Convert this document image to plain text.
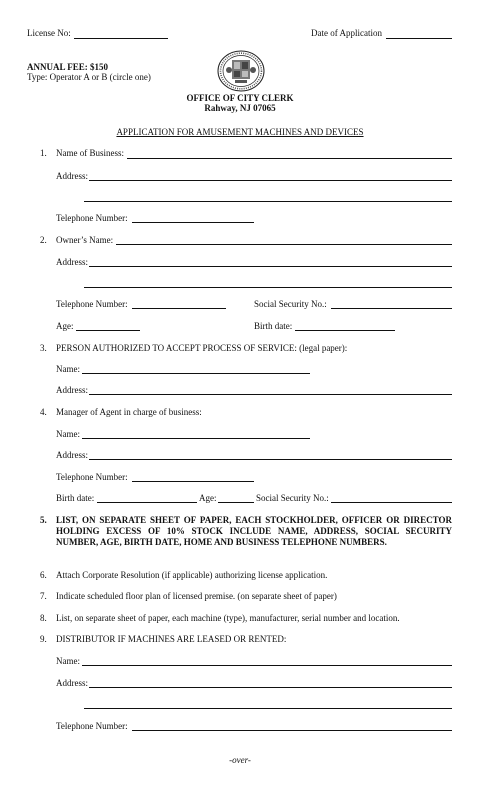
License No:	Date of Application
ANNUAL FEE: $150
Type: Operator A or B (circle one)
OFFICE OF CITY CLERK
Rahway, NJ 07065
APPLICATION FOR AMUSEMENT MACHINES AND DEVICES
1. Name of Business:
Address:
Telephone Number:
2. Owner’s Name:
Address:
Telephone Number:	Social Security No.:
Age:	Birth date:
3. PERSON AUTHORIZED TO ACCEPT PROCESS OF SERVICE: (legal paper):
Name:
Address:
4. Manager of Agent in charge of business:
Name:
Address:
Telephone Number:
Birth date:	Age:	Social Security No.:
5. LIST, ON SEPARATE SHEET OF PAPER, EACH STOCKHOLDER, OFFICER OR DIRECTOR HOLDING EXCESS OF 10% STOCK INCLUDE NAME, ADDRESS, SOCIAL SECURITY NUMBER, AGE, BIRTH DATE, HOME AND BUSINESS TELEPHONE NUMBERS.
6. Attach Corporate Resolution (if applicable) authorizing license application.
7. Indicate scheduled floor plan of licensed premise. (on separate sheet of paper)
8. List, on separate sheet of paper, each machine (type), manufacturer, serial number and location.
9. DISTRIBUTOR IF MACHINES ARE LEASED OR RENTED:
Name:
Address:
Telephone Number:
-over-
